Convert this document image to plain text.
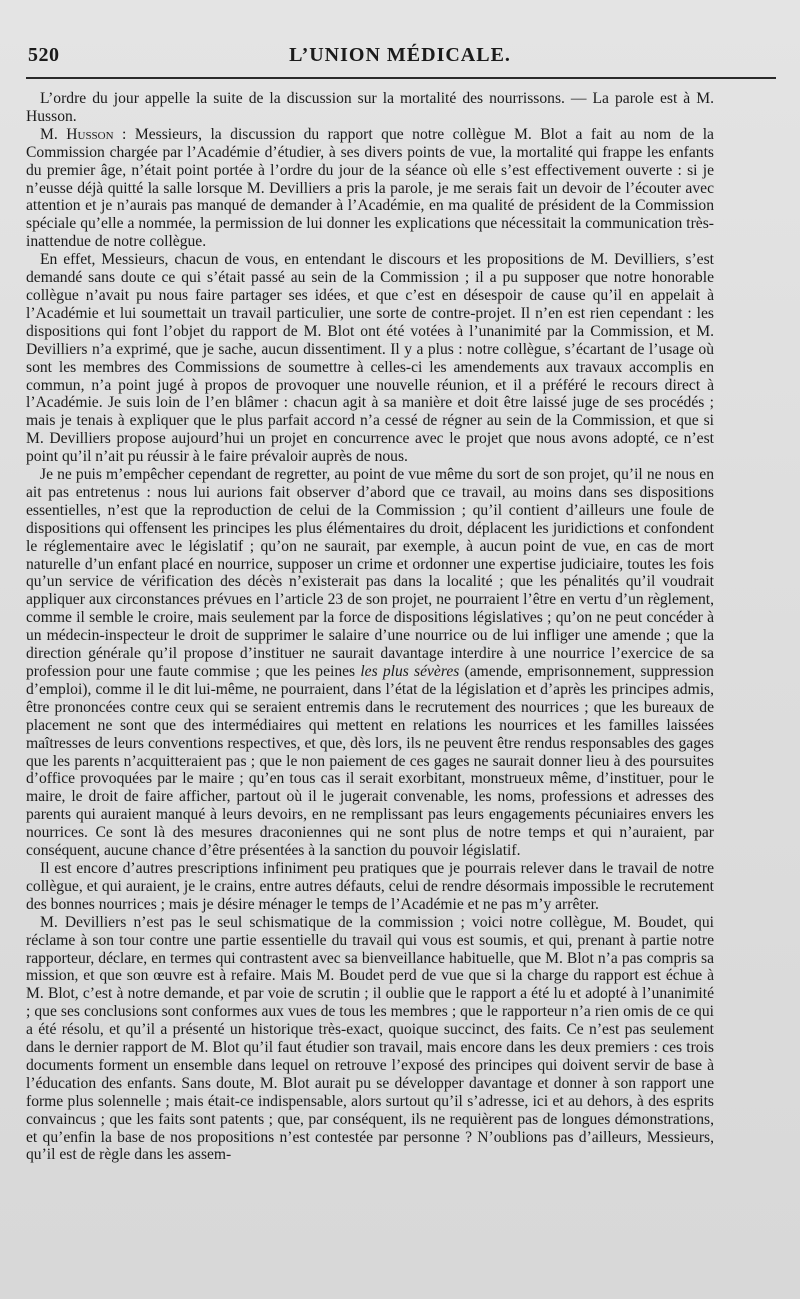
520	L’UNION MÉDICALE.

L’ordre du jour appelle la suite de la discussion sur la mortalité des nourrissons. — La parole est à M. Husson.

M. Husson : Messieurs, la discussion du rapport que notre collègue M. Blot a fait au nom de la Commission chargée par l’Académie d’étudier, à ses divers points de vue, la mortalité qui frappe les enfants du premier âge, n’était point portée à l’ordre du jour de la séance où elle s’est effectivement ouverte : si je n’eusse déjà quitté la salle lorsque M. Devilliers a pris la parole, je me serais fait un devoir de l’écouter avec attention et je n’aurais pas manqué de demander à l’Académie, en ma qualité de président de la Commission spéciale qu’elle a nommée, la permission de lui donner les explications que nécessitait la communication très-inattendue de notre collègue.

En effet, Messieurs, chacun de vous, en entendant le discours et les propositions de M. Devilliers, s’est demandé sans doute ce qui s’était passé au sein de la Commission ; il a pu supposer que notre honorable collègue n’avait pu nous faire partager ses idées, et que c’est en désespoir de cause qu’il en appelait à l’Académie et lui soumettait un travail particulier, une sorte de contre-projet. Il n’en est rien cependant : les dispositions qui font l’objet du rapport de M. Blot ont été votées à l’unanimité par la Commission, et M. Devilliers n’a exprimé, que je sache, aucun dissentiment. Il y a plus : notre collègue, s’écartant de l’usage où sont les membres des Commissions de soumettre à celles-ci les amendements aux travaux accomplis en commun, n’a point jugé à propos de provoquer une nouvelle réunion, et il a préféré le recours direct à l’Académie. Je suis loin de l’en blâmer : chacun agit à sa manière et doit être laissé juge de ses procédés ; mais je tenais à expliquer que le plus parfait accord n’a cessé de régner au sein de la Commission, et que si M. Devilliers propose aujourd’hui un projet en concurrence avec le projet que nous avons adopté, ce n’est point qu’il n’ait pu réussir à le faire prévaloir auprès de nous.

Je ne puis m’empêcher cependant de regretter, au point de vue même du sort de son projet, qu’il ne nous en ait pas entretenus : nous lui aurions fait observer d’abord que ce travail, au moins dans ses dispositions essentielles, n’est que la reproduction de celui de la Commission ; qu’il contient d’ailleurs une foule de dispositions qui offensent les principes les plus élémentaires du droit, déplacent les juridictions et confondent le réglementaire avec le législatif ; qu’on ne saurait, par exemple, à aucun point de vue, en cas de mort naturelle d’un enfant placé en nourrice, supposer un crime et ordonner une expertise judiciaire, toutes les fois qu’un service de vérification des décès n’existerait pas dans la localité ; que les pénalités qu’il voudrait appliquer aux circonstances prévues en l’article 23 de son projet, ne pourraient l’être en vertu d’un règlement, comme il semble le croire, mais seulement par la force de dispositions législatives ; qu’on ne peut concéder à un médecin-inspecteur le droit de supprimer le salaire d’une nourrice ou de lui infliger une amende ; que la direction générale qu’il propose d’instituer ne saurait davantage interdire à une nourrice l’exercice de sa profession pour une faute commise ; que les peines les plus sévères (amende, emprisonnement, suppression d’emploi), comme il le dit lui-même, ne pourraient, dans l’état de la législation et d’après les principes admis, être prononcées contre ceux qui se seraient entremis dans le recrutement des nourrices ; que les bureaux de placement ne sont que des intermédiaires qui mettent en relations les nourrices et les familles laissées maîtresses de leurs conventions respectives, et que, dès lors, ils ne peuvent être rendus responsables des gages que les parents n’acquitteraient pas ; que le non paiement de ces gages ne saurait donner lieu à des poursuites d’office provoquées par le maire ; qu’en tous cas il serait exorbitant, monstrueux même, d’instituer, pour le maire, le droit de faire afficher, partout où il le jugerait convenable, les noms, professions et adresses des parents qui auraient manqué à leurs devoirs, en ne remplissant pas leurs engagements pécuniaires envers les nourrices. Ce sont là des mesures draconiennes qui ne sont plus de notre temps et qui n’auraient, par conséquent, aucune chance d’être présentées à la sanction du pouvoir législatif.

Il est encore d’autres prescriptions infiniment peu pratiques que je pourrais relever dans le travail de notre collègue, et qui auraient, je le crains, entre autres défauts, celui de rendre désormais impossible le recrutement des bonnes nourrices ; mais je désire ménager le temps de l’Académie et ne pas m’y arrêter.

M. Devilliers n’est pas le seul schismatique de la commission ; voici notre collègue, M. Boudet, qui réclame à son tour contre une partie essentielle du travail qui vous est soumis, et qui, prenant à partie notre rapporteur, déclare, en termes qui contrastent avec sa bienveillance habituelle, que M. Blot n’a pas compris sa mission, et que son œuvre est à refaire. Mais M. Boudet perd de vue que si la charge du rapport est échue à M. Blot, c’est à notre demande, et par voie de scrutin ; il oublie que le rapport a été lu et adopté à l’unanimité ; que ses conclusions sont conformes aux vues de tous les membres ; que le rapporteur n’a rien omis de ce qui a été résolu, et qu’il a présenté un historique très-exact, quoique succinct, des faits. Ce n’est pas seulement dans le dernier rapport de M. Blot qu’il faut étudier son travail, mais encore dans les deux premiers : ces trois documents forment un ensemble dans lequel on retrouve l’exposé des principes qui doivent servir de base à l’éducation des enfants. Sans doute, M. Blot aurait pu se développer davantage et donner à son rapport une forme plus solennelle ; mais était-ce indispensable, alors surtout qu’il s’adresse, ici et au dehors, à des esprits convaincus ; que les faits sont patents ; que, par conséquent, ils ne requièrent pas de longues démonstrations, et qu’enfin la base de nos propositions n’est contestée par personne ? N’oublions pas d’ailleurs, Messieurs, qu’il est de règle dans les assem-
